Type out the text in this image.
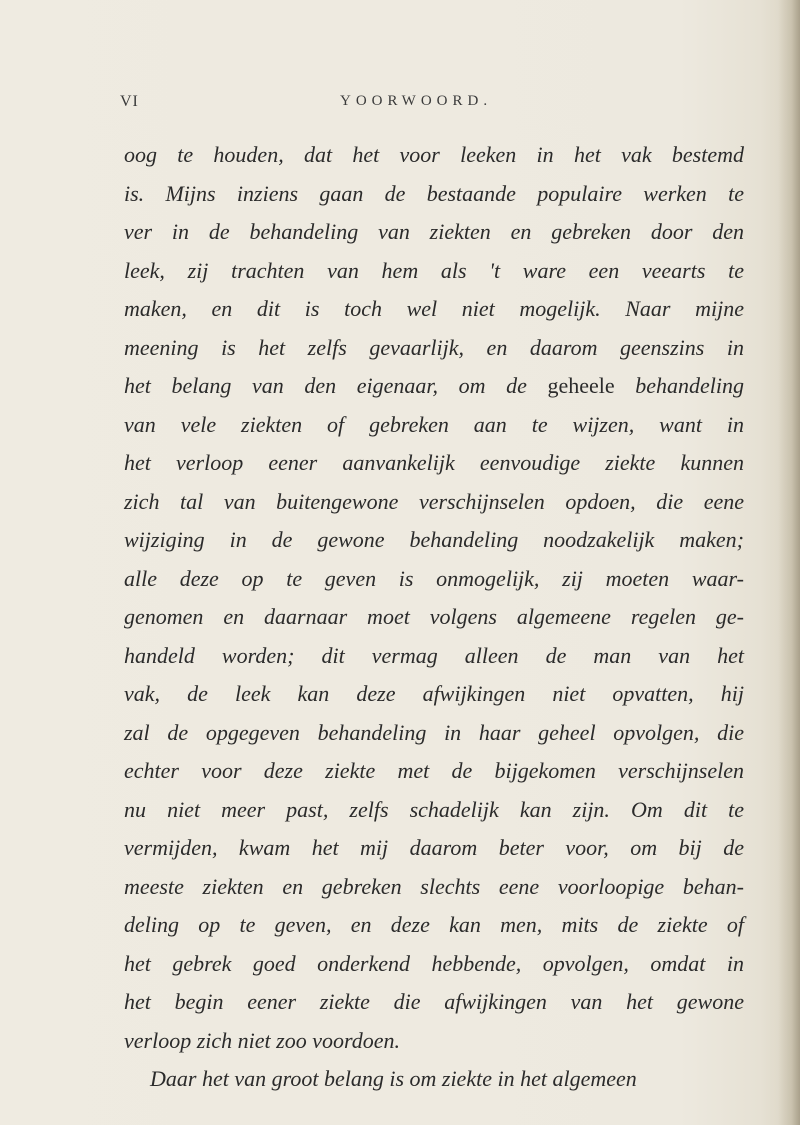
VI	YOORWOORD.
oog te houden, dat het voor leeken in het vak bestemd
is. Mijns inziens gaan de bestaande populaire werken te
ver in de behandeling van ziekten en gebreken door den
leek, zij trachten van hem als 't ware een veearts te
maken, en dit is toch wel niet mogelijk. Naar mijne
meening is het zelfs gevaarlijk, en daarom geenszins in
het belang van den eigenaar, om de geheele behandeling
van vele ziekten of gebreken aan te wijzen, want in
het verloop eener aanvankelijk eenvoudige ziekte kunnen
zich tal van buitengewone verschijnselen opdoen, die eene
wijziging in de gewone behandeling noodzakelijk maken;
alle deze op te geven is onmogelijk, zij moeten waar-
genomen en daarnaar moet volgens algemeene regelen ge-
handeld worden; dit vermag alleen de man van het
vak, de leek kan deze afwijkingen niet opvatten, hij
zal de opgegeven behandeling in haar geheel opvolgen, die
echter voor deze ziekte met de bijgekomen verschijnselen
nu niet meer past, zelfs schadelijk kan zijn. Om dit te
vermijden, kwam het mij daarom beter voor, om bij de
meeste ziekten en gebreken slechts eene voorloopige behan-
deling op te geven, en deze kan men, mits de ziekte of
het gebrek goed onderkend hebbende, opvolgen, omdat in
het begin eener ziekte die afwijkingen van het gewone
verloop zich niet zoo voordoen.
Daar het van groot belang is om ziekte in het algemeen
